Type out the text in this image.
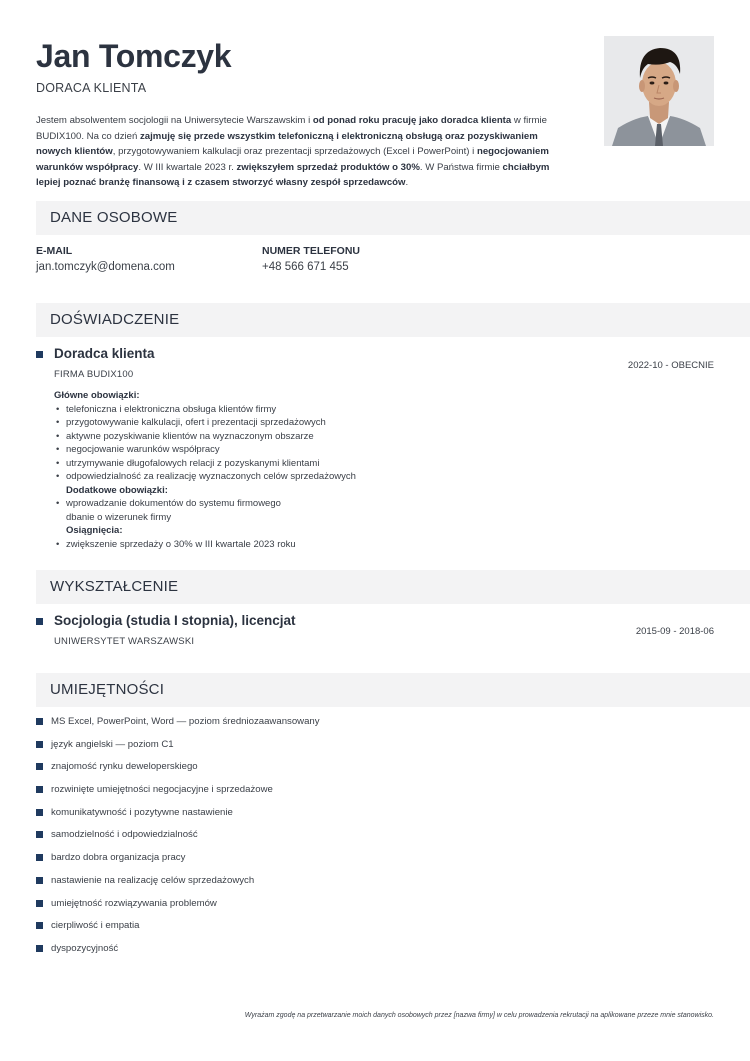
Jan Tomczyk
DORACA KLIENTA
Jestem absolwentem socjologii na Uniwersytecie Warszawskim i od ponad roku pracuję jako doradca klienta w firmie BUDIX100. Na co dzień zajmuję się przede wszystkim telefoniczną i elektroniczną obsługą oraz pozyskiwaniem nowych klientów, przygotowywaniem kalkulacji oraz prezentacji sprzedażowych (Excel i PowerPoint) i negocjowaniem warunków współpracy. W III kwartale 2023 r. zwiększyłem sprzedaż produktów o 30%. W Państwa firmie chciałbym lepiej poznać branżę finansową i z czasem stworzyć własny zespół sprzedawców.
DANE OSOBOWE
E-MAIL
jan.tomczyk@domena.com
NUMER TELEFONU
+48 566 671 455
DOŚWIADCZENIE
Doradca klienta
FIRMA BUDIX100
2022-10 - OBECNIE
Główne obowiązki:
• telefoniczna i elektroniczna obsługa klientów firmy
• przygotowywanie kalkulacji, ofert i prezentacji sprzedażowych
• aktywne pozyskiwanie klientów na wyznaczonym obszarze
• negocjowanie warunków współpracy
• utrzymywanie długofalowych relacji z pozyskanymi klientami
• odpowiedzialność za realizację wyznaczonych celów sprzedażowych
Dodatkowe obowiązki:
• wprowadzanie dokumentów do systemu firmowego
dbanie o wizerunek firmy
Osiągnięcia:
• zwiększenie sprzedaży o 30% w III kwartale 2023 roku
WYKSZTAŁCENIE
Socjologia (studia I stopnia), licencjat
UNIWERSYTET WARSZAWSKI
2015-09 - 2018-06
UMIEJĘTNOŚCI
MS Excel, PowerPoint, Word — poziom średniozaawansowany
język angielski — poziom C1
znajomość rynku deweloperskiego
rozwinięte umiejętności negocjacyjne i sprzedażowe
komunikatywność i pozytywne nastawienie
samodzielność i odpowiedzialność
bardzo dobra organizacja pracy
nastawienie na realizację celów sprzedażowych
umiejętność rozwiązywania problemów
cierpliwość i empatia
dyspozycyjność
Wyrażam zgodę na przetwarzanie moich danych osobowych przez [nazwa firmy] w celu prowadzenia rekrutacji na aplikowane przeze mnie stanowisko.
